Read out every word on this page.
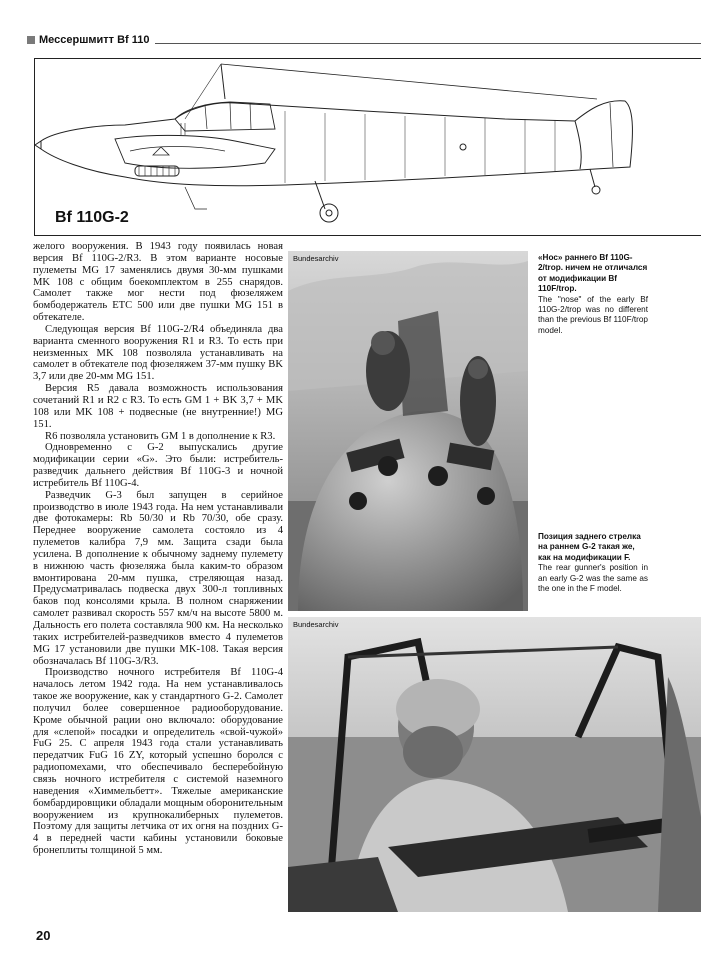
Мессершмитт Bf 110
Bf 110G-2

желого вооружения. В 1943 году появилась новая версия Bf 110G-2/R3. В этом варианте носовые пулеметы MG 17 заменялись двумя 30-мм пушками MK 108 с общим боекомплектом в 255 снарядов. Самолет также мог нести под фюзеляжем бомбодержатель ETC 500 или две пушки MG 151 в обтекателе.

Следующая версия Bf 110G-2/R4 объединяла два варианта сменного вооружения R1 и R3. То есть при неизменных MK 108 позволяла устанавливать на самолет в обтекателе под фюзеляжем 37-мм пушку BK 3,7 или две 20-мм MG 151.

Версия R5 давала возможность использования сочетаний R1 и R2 с R3. То есть GM 1 + BK 3,7 + MK 108 или MK 108 + подвесные (не внутренние!) MG 151.

R6 позволяла установить GM 1 в дополнение к R3.

Одновременно с G-2 выпускались другие модификации серии «G». Это были: истребитель-разведчик дальнего действия Bf 110G-3 и ночной истребитель Bf 110G-4.

Разведчик G-3 был запущен в серийное производство в июле 1943 года. На нем устанавливали две фотокамеры: Rb 50/30 и Rb 70/30, обе сразу. Переднее вооружение самолета состояло из 4 пулеметов калибра 7,9 мм. Защита сзади была усилена. В дополнение к обычному заднему пулемету в нижнюю часть фюзеляжа была каким-то образом вмонтирована 20-мм пушка, стреляющая назад. Предусматривалась подвеска двух 300-л топливных баков под консолями крыла. В полном снаряжении самолет развивал скорость 557 км/ч на высоте 5800 м. Дальность его полета составляла 900 км. На несколько таких истребителей-разведчиков вместо 4 пулеметов MG 17 установили две пушки MK-108. Такая версия обозначалась Bf 110G-3/R3.

Производство ночного истребителя Bf 110G-4 началось летом 1942 года. На нем устанавливалось такое же вооружение, как у стандартного G-2. Самолет получил более совершенное радиооборудование. Кроме обычной рации оно включало: оборудование для «слепой» посадки и определитель «свой-чужой» FuG 25. С апреля 1943 года стали устанавливать передатчик FuG 16 ZY, который успешно боролся с радиопомехами, что обеспечивало бесперебойную связь ночного истребителя с системой наземного наведения «Химмельбетт». Тяжелые американские бомбардировщики обладали мощным оборонительным вооружением из крупнокалиберных пулеметов. Поэтому для защиты летчика от их огня на поздних G-4 в передней части кабины установили боковые бронеплиты толщиной 5 мм.

Bundesarchiv	«Нос» раннего Bf 110G-2/trop. ничем не отличался от модификации Bf 110F/trop.
The "nose" of the early Bf 110G-2/trop was no different than the previous Bf 110F/trop model.
Позиция заднего стрелка на раннем G-2 такая же, как на модификации F.
The rear gunner's position in an early G-2 was the same as the one in the F model.
Bundesarchiv
20
